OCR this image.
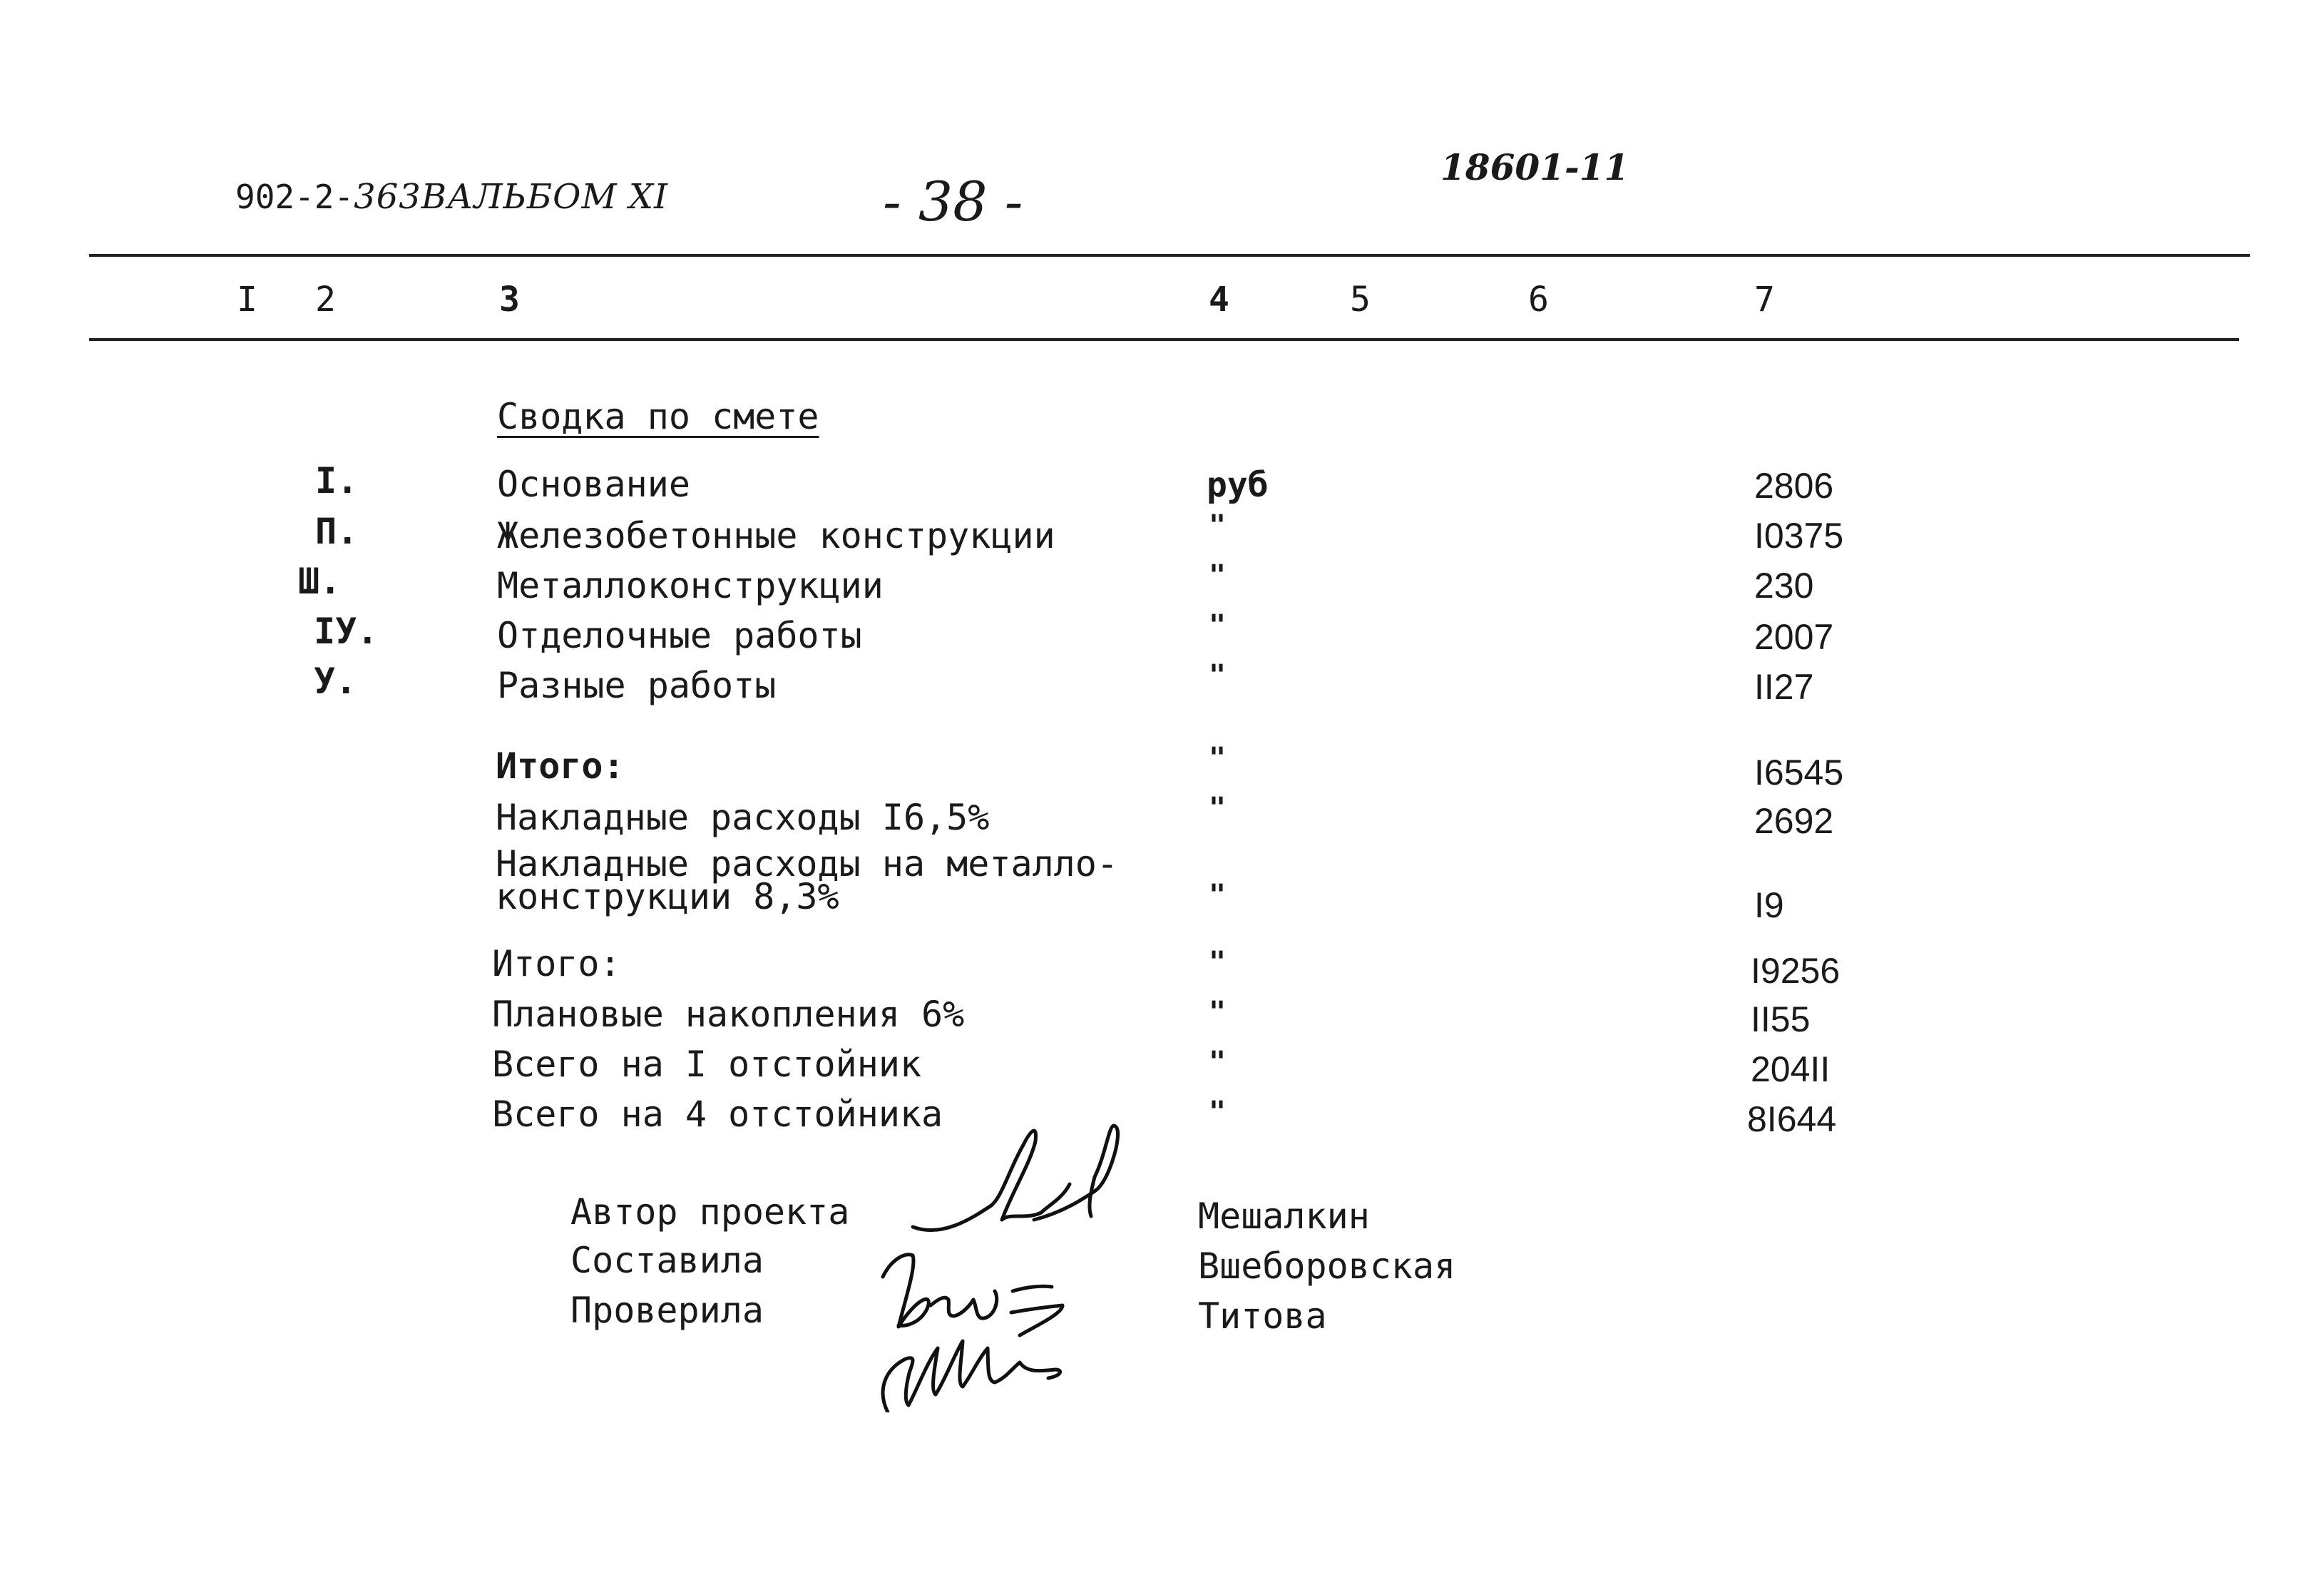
902-2-363ВАЛЬБОМ XI	- 38 -
18601-11
I 2	3	4	5	6	7
Сводка по смете
I.	Основание	руб	2806
П.	Железобетонные конструкции	"	I0375
Ш.	Металлоконструкции	"	230
IУ.	Отделочные работы	"	2007
У.	Разные работы	"	II27
Итого:	"	I6545
Накладные расходы I6,5%	"	2692
Накладные расходы на металло-
конструкции 8,3%	"	I9
Итого:	"	I9256
Плановые накопления 6%	"	II55
Всего на I отстойник	"	204II
Всего на 4 отстойника	"	8I644
Автор проекта	Мешалкин
Составила	Вшеборовская
Проверила	Титова
